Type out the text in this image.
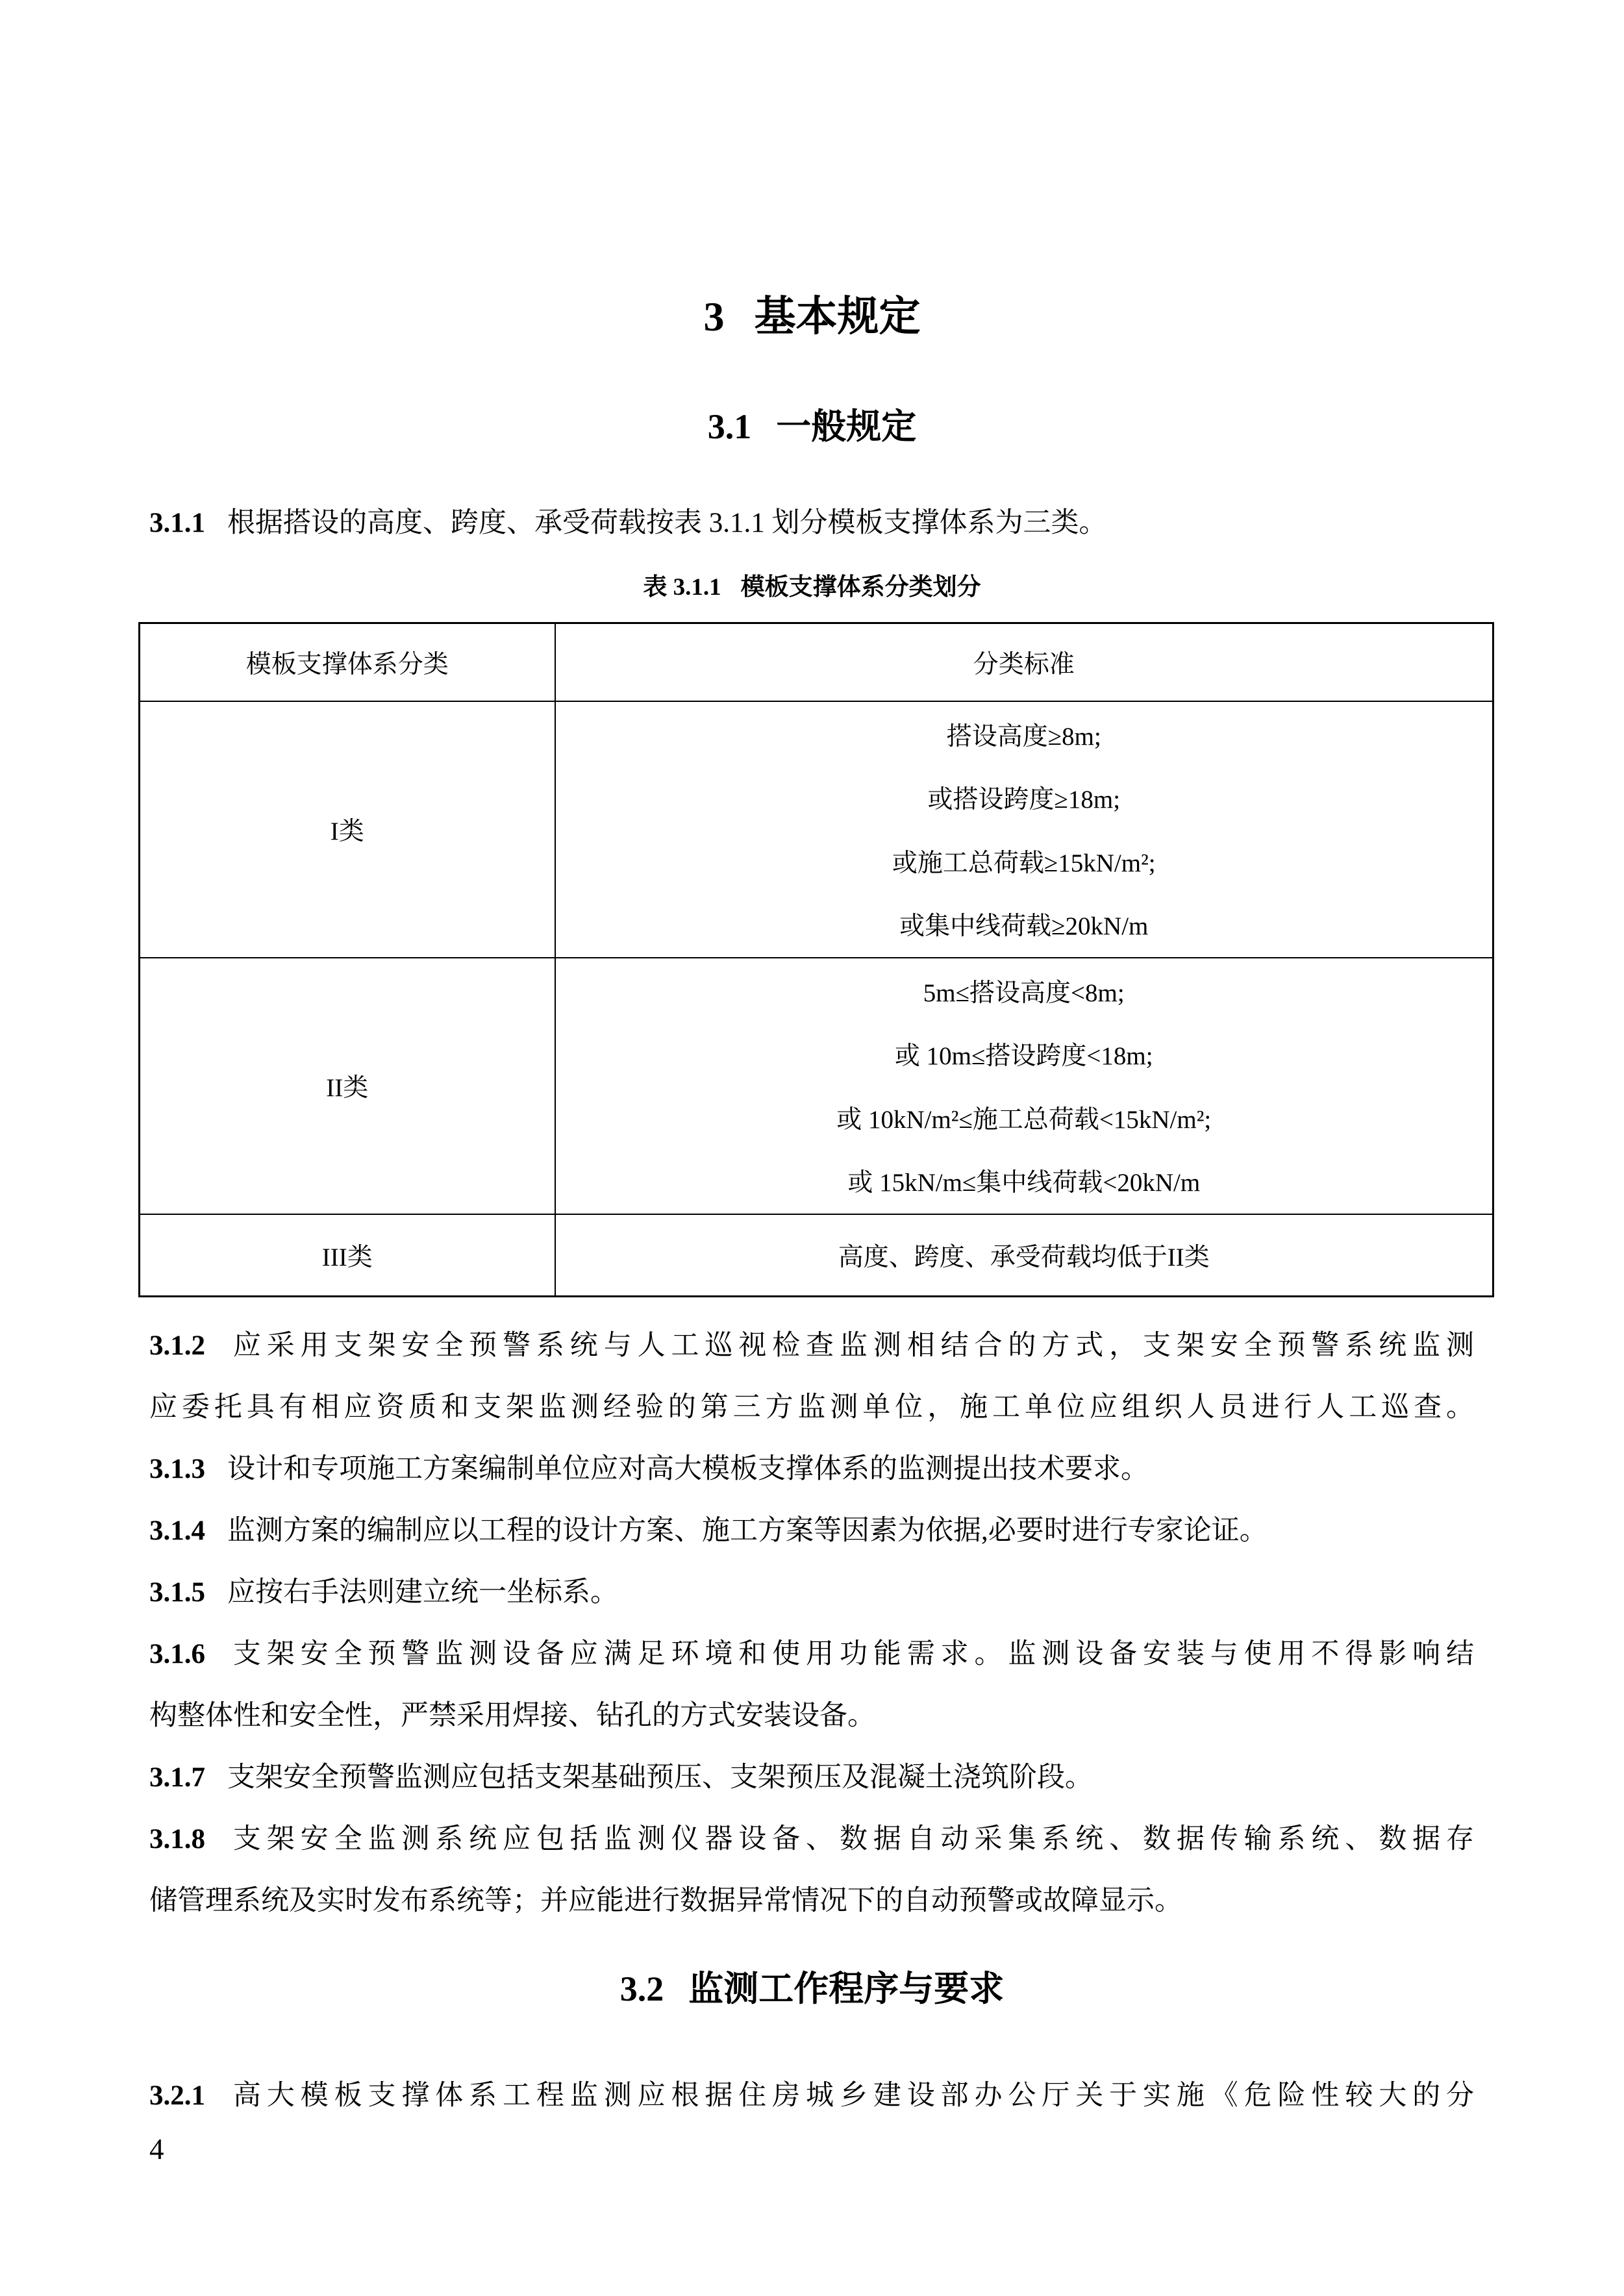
3 基本规定
3.1 一般规定
3.1.1 根据搭设的高度、跨度、承受荷载按表 3.1.1 划分模板支撑体系为三类。
表 3.1.1 模板支撑体系分类划分
模板支撑体系分类	分类标准
I类	搭设高度≥8m;
或搭设跨度≥18m;
或施工总荷载≥15kN/m²;
或集中线荷载≥20kN/m

II类	5m≤搭设高度<8m;
或 10m≤搭设跨度<18m;
或 10kN/m²≤施工总荷载<15kN/m²;
或 15kN/m≤集中线荷载<20kN/m

III类	高度、跨度、承受荷载均低于II类
3.1.2 应采用支架安全预警系统与人工巡视检查监测相结合的方式，支架安全预警系统监测
应委托具有相应资质和支架监测经验的第三方监测单位，施工单位应组织人员进行人工巡查。
3.1.3 设计和专项施工方案编制单位应对高大模板支撑体系的监测提出技术要求。
3.1.4 监测方案的编制应以工程的设计方案、施工方案等因素为依据,必要时进行专家论证。
3.1.5 应按右手法则建立统一坐标系。
3.1.6 支架安全预警监测设备应满足环境和使用功能需求。监测设备安装与使用不得影响结
构整体性和安全性，严禁采用焊接、钻孔的方式安装设备。
3.1.7 支架安全预警监测应包括支架基础预压、支架预压及混凝土浇筑阶段。
3.1.8 支架安全监测系统应包括监测仪器设备、数据自动采集系统、数据传输系统、数据存
储管理系统及实时发布系统等；并应能进行数据异常情况下的自动预警或故障显示。
3.2 监测工作程序与要求
3.2.1 高大模板支撑体系工程监测应根据住房城乡建设部办公厅关于实施《危险性较大的分
4
